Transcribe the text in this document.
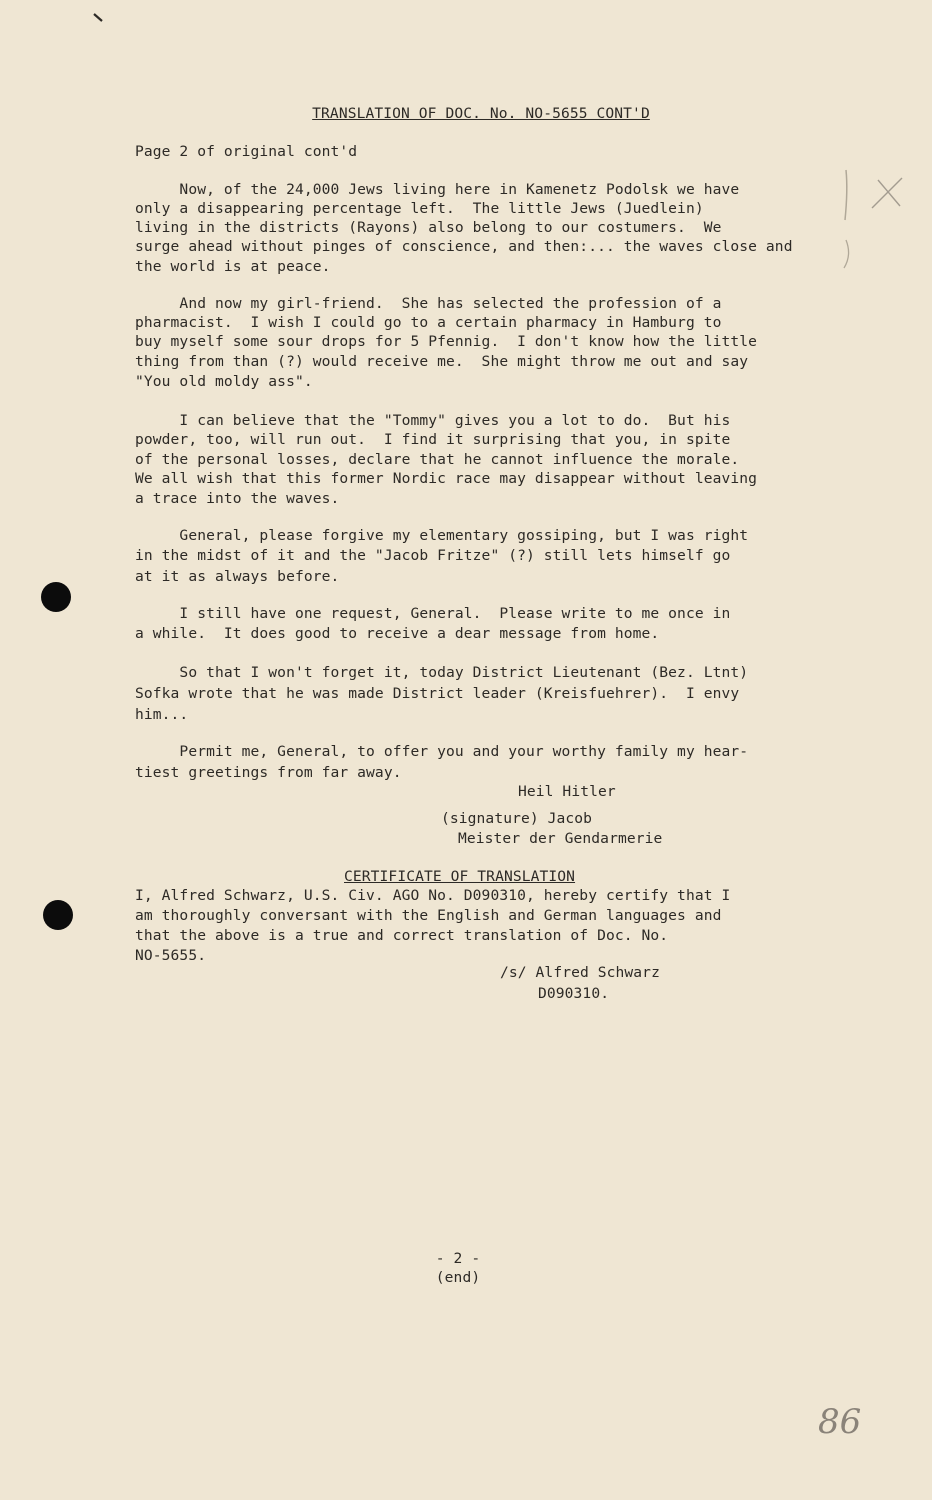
TRANSLATION OF DOC. No. NO-5655 CONT'D
Page 2 of original cont'd
Now, of the 24,000 Jews living here in Kamenetz Podolsk we have
only a disappearing percentage left.  The little Jews (Juedlein)
living in the districts (Rayons) also belong to our costumers.  We
surge ahead without pinges of conscience, and then:... the waves close and
the world is at peace.
And now my girl-friend.  She has selected the profession of a
pharmacist.  I wish I could go to a certain pharmacy in Hamburg to
buy myself some sour drops for 5 Pfennig.  I don't know how the little
thing from than (?) would receive me.  She might throw me out and say
"You old moldy ass".
I can believe that the "Tommy" gives you a lot to do.  But his
powder, too, will run out.  I find it surprising that you, in spite
of the personal losses, declare that he cannot influence the morale.
We all wish that this former Nordic race may disappear without leaving
a trace into the waves.
General, please forgive my elementary gossiping, but I was right
in the midst of it and the "Jacob Fritze" (?) still lets himself go
at it as always before.
I still have one request, General.  Please write to me once in
a while.  It does good to receive a dear message from home.
So that I won't forget it, today District Lieutenant (Bez. Ltnt)
Sofka wrote that he was made District leader (Kreisfuehrer).  I envy
him...
Permit me, General, to offer you and your worthy family my hear-
tiest greetings from far away.
Heil Hitler
(signature) Jacob
Meister der Gendarmerie
CERTIFICATE OF TRANSLATION
I, Alfred Schwarz, U.S. Civ. AGO No. D090310, hereby certify that I
am thoroughly conversant with the English and German languages and
that the above is a true and correct translation of Doc. No.
NO-5655.
/s/ Alfred Schwarz
D090310.
- 2 -
(end)
86
